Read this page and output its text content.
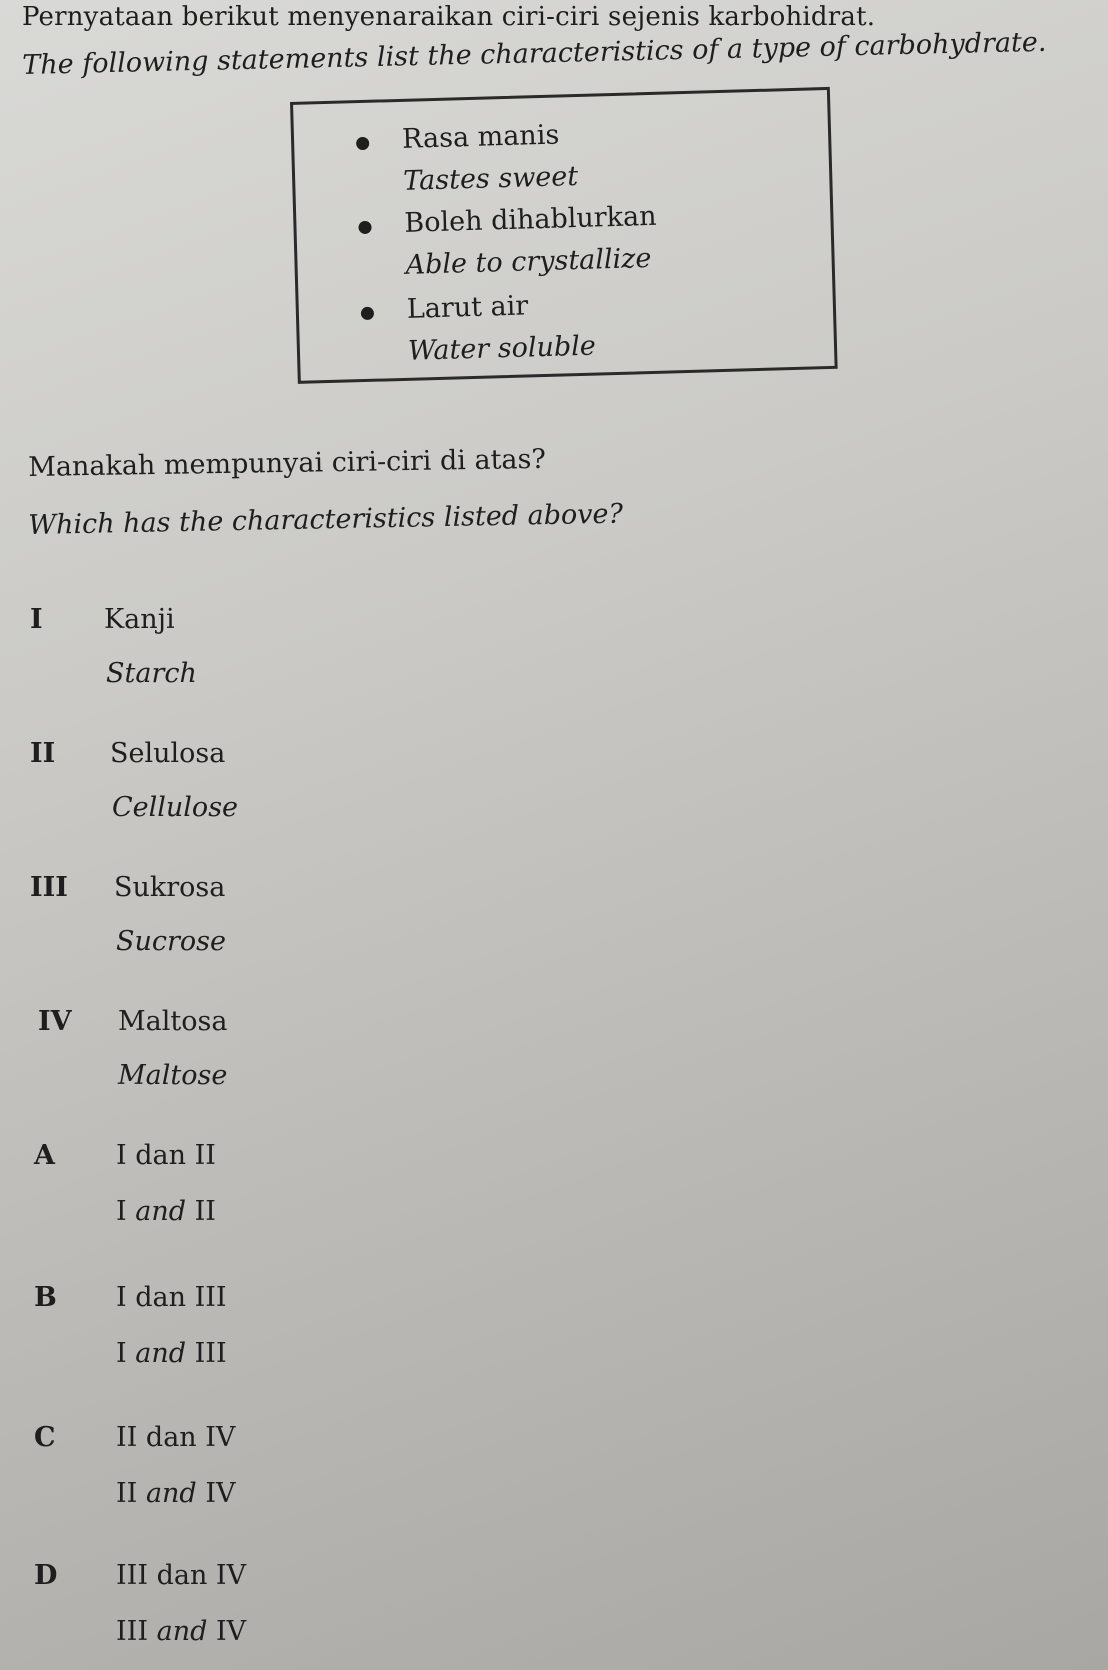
Pernyataan berikut menyenaraikan ciri-ciri sejenis karbohidrat.
The following statements list the characteristics of a type of carbohydrate.
Rasa manis
Tastes sweet
Boleh dihablurkan
Able to crystallize
Larut air
Water soluble
Manakah mempunyai ciri-ciri di atas?
Which has the characteristics listed above?
I Kanji
Starch
II Selulosa
Cellulose
III Sukrosa
Sucrose
IV Maltosa
Maltose
A I dan II
I and II
B I dan III
I and III
C II dan IV
II and IV
D III dan IV
III and IV
